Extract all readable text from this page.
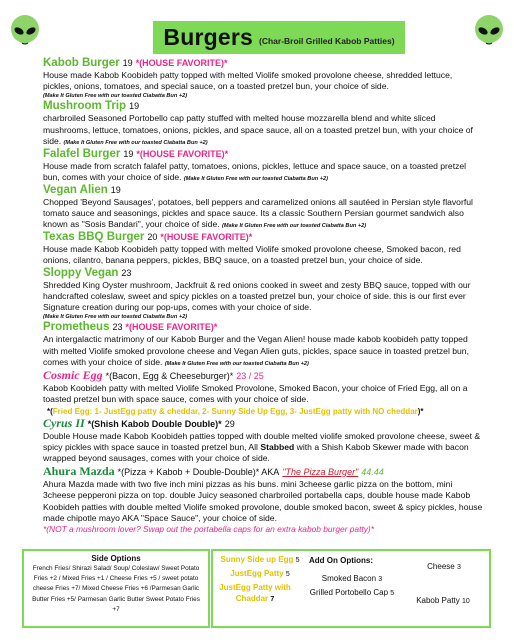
Burgers (Char-Broil Grilled Kabob Patties)
Kabob Burger 19 *(HOUSE FAVORITE)*
House made Kabob Koobideh patty topped with melted Violife smoked provolone cheese, shredded lettuce, pickles, onions, tomatoes, and special sauce, on a toasted pretzel bun, your choice of side.
(Make It Gluten Free with our toasted Ciabatta Bun +2)
Mushroom Trip 19
charbroiled Seasoned Portobello cap patty stuffed with melted house mozzarella blend and white sliced mushrooms, lettuce, tomatoes, onions, pickles, and space sauce, all on a toasted pretzel bun, with your choice of side. (Make It Gluten Free with our toasted Ciabatta Bun +2)
Falafel Burger 19 *(HOUSE FAVORITE)*
House made from scratch falafel patty, tomatoes, onions, pickles, lettuce and space sauce, on a toasted pretzel bun, comes with your choice of side. (Make It Gluten Free with our toasted Ciabatta Bun +2)
Vegan Alien 19
Chopped 'Beyond Sausages', potatoes, bell peppers and caramelized onions all sautéed in Persian style flavorful tomato sauce and seasonings, pickles and space sauce. Its a classic Southern Persian gourmet sandwich also known as "Sosis Bandari", your choice of side. (Make It Gluten Free with our toasted Ciabatta Bun +2)
Texas BBQ Burger 20 *(HOUSE FAVORITE)*
House made Kabob Koobideh patty topped with melted Violife smoked provolone cheese, Smoked bacon, red onions, cilantro, banana peppers, pickles, BBQ sauce, on a toasted pretzel bun, your choice of side.
Sloppy Vegan 23
Shredded King Oyster mushroom, Jackfruit & red onions cooked in sweet and zesty BBQ sauce, topped with our handcrafted coleslaw, sweet and spicy pickles on a toasted pretzel bun, your choice of side. this is our first ever Signature creation during our pop-ups, comes with your choice of side.
(Make It Gluten Free with our toasted Ciabatta Bun +2)
Prometheus 23 *(HOUSE FAVORITE)*
An intergalactic matrimony of our Kabob Burger and the Vegan Alien! house made kabob koobideh patty topped with melted Violife smoked provolone cheese and Vegan Alien guts, pickles, space sauce in toasted pretzel bun, comes with your choice of side. (Make It Gluten Free with our toasted Ciabatta Bun +2)
Cosmic Egg *(Bacon, Egg & Cheeseburger)* 23 / 25
Kabob Koobideh patty with melted Violife Smoked Provolone, Smoked Bacon, your choice of Fried Egg, all on a toasted pretzel bun with space sauce, comes with your choice of side.
*(Fried Egg: 1- JustEgg patty & cheddar, 2- Sunny Side Up Egg, 3- JustEgg patty with NO cheddar)*
Cyrus II *(Shish Kabob Double Double)* 29
Double House made Kabob Koobideh patties topped with double melted violife smoked provolone cheese, sweet & spicy pickles with space sauce in toasted pretzel bun, All Stabbed with a Shish Kabob Skewer made with bacon wrapped beyond sausages, comes with your choice of side.
Ahura Mazda *(Pizza + Kabob + Double-Double)* AKA "The Pizza Burger" 44.44
Ahura Mazda made with two five inch mini pizzas as his buns. mini 3cheese garlic pizza on the bottom, mini 3cheese pepperoni pizza on top. double Juicy seasoned charbroiled portabella caps, double house made Kabob Koobideh patties with double melted Violife smoked provolone, double smoked bacon, sweet & spicy pickles, house made chipotle mayo AKA "Space Sauce", your choice of side.
*(NOT a mushroom lover? Swap out the portabella caps for an extra kabob burger patty)*
Side Options
French Fries/ Shirazi Salad/ Soup/ Coleslaw/ Sweet Potato Fries +2 / Mixed Fries +1 / Cheese Fries +5 / sweet potato cheese Fries +7/ Mixed Cheese Fries +6 /Parmesan Garlic Butter Fries +5/ Parmesan Garlic Butter Sweet Potato Fries +7
Add On Options:
Sunny Side up Egg 5
JustEgg Patty 5
JustEgg Patty with Chaddar 7
Smoked Bacon 3
Grilled Portobello Cap 5
Cheese 3
Kabob Patty 10
